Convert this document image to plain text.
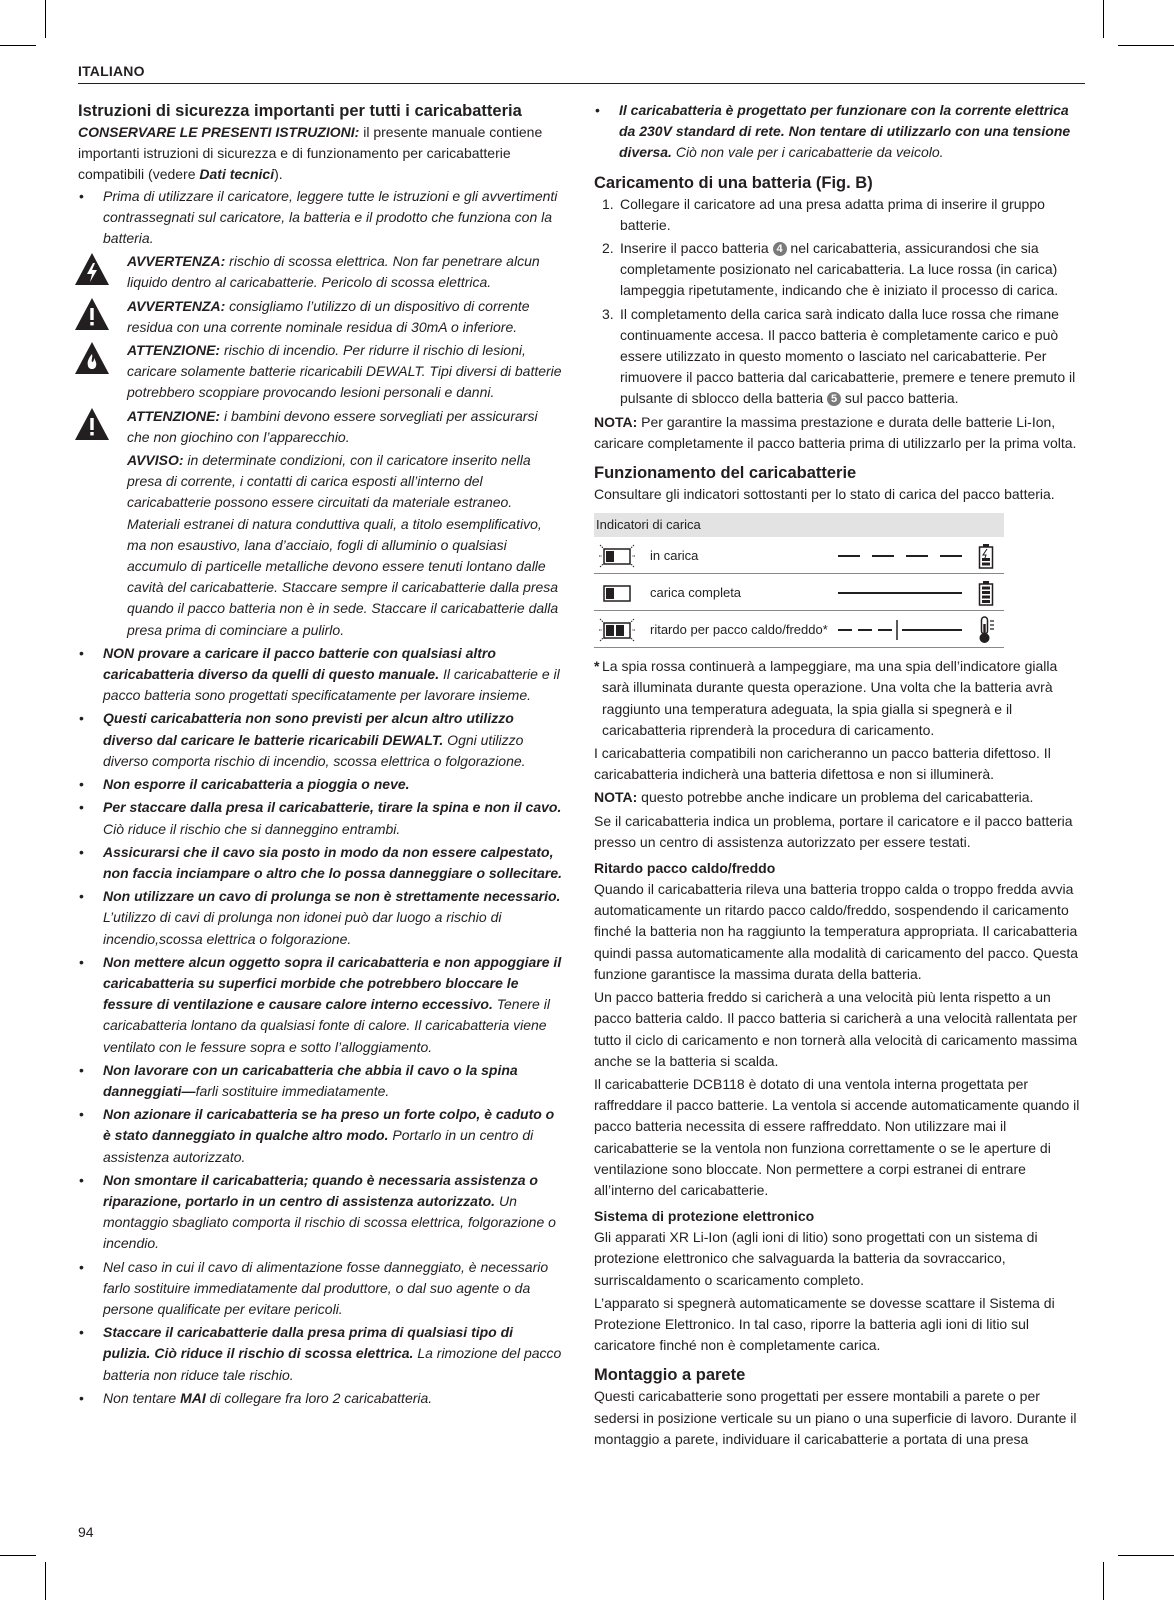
ITALIANO
Istruzioni di sicurezza importanti per tutti i caricabatteria
CONSERVARE LE PRESENTI ISTRUZIONI: il presente manuale contiene importanti istruzioni di sicurezza e di funzionamento per caricabatterie compatibili (vedere Dati tecnici).
• Prima di utilizzare il caricatore, leggere tutte le istruzioni e gli avvertimenti contrassegnati sul caricatore, la batteria e il prodotto che funziona con la batteria.
AVVERTENZA: rischio di scossa elettrica. Non far penetrare alcun liquido dentro al caricabatterie. Pericolo di scossa elettrica.
AVVERTENZA: consigliamo l’utilizzo di un dispositivo di corrente residua con una corrente nominale residua di 30mA o inferiore.
ATTENZIONE: rischio di incendio. Per ridurre il rischio di lesioni, caricare solamente batterie ricaricabili DEWALT. Tipi diversi di batterie potrebbero scoppiare provocando lesioni personali e danni.
ATTENZIONE: i bambini devono essere sorvegliati per assicurarsi che non giochino con l’apparecchio.
AVVISO: in determinate condizioni, con il caricatore inserito nella presa di corrente, i contatti di carica esposti all’interno del caricabatterie possono essere circuitati da materiale estraneo. Materiali estranei di natura conduttiva quali, a titolo esemplificativo, ma non esaustivo, lana d’acciaio, fogli di alluminio o qualsiasi accumulo di particelle metalliche devono essere tenuti lontano dalle cavità del caricabatterie. Staccare sempre il caricabatterie dalla presa quando il pacco batteria non è in sede. Staccare il caricabatterie dalla presa prima di cominciare a pulirlo.
• NON provare a caricare il pacco batterie con qualsiasi altro caricabatteria diverso da quelli di questo manuale. Il caricabatterie e il pacco batteria sono progettati specificatamente per lavorare insieme.
• Questi caricabatteria non sono previsti per alcun altro utilizzo diverso dal caricare le batterie ricaricabili DEWALT. Ogni utilizzo diverso comporta rischio di incendio, scossa elettrica o folgorazione.
• Non esporre il caricabatteria a pioggia o neve.
• Per staccare dalla presa il caricabatterie, tirare la spina e non il cavo. Ciò riduce il rischio che si danneggino entrambi.
• Assicurarsi che il cavo sia posto in modo da non essere calpestato, non faccia inciampare o altro che lo possa danneggiare o sollecitare.
• Non utilizzare un cavo di prolunga se non è strettamente necessario. L’utilizzo di cavi di prolunga non idonei può dar luogo a rischio di incendio,scossa elettrica o folgorazione.
• Non mettere alcun oggetto sopra il caricabatteria e non appoggiare il caricabatteria su superfici morbide che potrebbero bloccare le fessure di ventilazione e causare calore interno eccessivo. Tenere il caricabatteria lontano da qualsiasi fonte di calore. Il caricabatteria viene ventilato con le fessure sopra e sotto l’alloggiamento.
• Non lavorare con un caricabatteria che abbia il cavo o la spina danneggiati—farli sostituire immediatamente.
• Non azionare il caricabatteria se ha preso un forte colpo, è caduto o è stato danneggiato in qualche altro modo. Portarlo in un centro di assistenza autorizzato.
• Non smontare il caricabatteria; quando è necessaria assistenza o riparazione, portarlo in un centro di assistenza autorizzato. Un montaggio sbagliato comporta il rischio di scossa elettrica, folgorazione o incendio.
• Nel caso in cui il cavo di alimentazione fosse danneggiato, è necessario farlo sostituire immediatamente dal produttore, o dal suo agente o da persone qualificate per evitare pericoli.
• Staccare il caricabatterie dalla presa prima di qualsiasi tipo di pulizia. Ciò riduce il rischio di scossa elettrica. La rimozione del pacco batteria non riduce tale rischio.
• Non tentare MAI di collegare fra loro 2 caricabatteria.
• Il caricabatteria è progettato per funzionare con la corrente elettrica da 230V standard di rete. Non tentare di utilizzarlo con una tensione diversa. Ciò non vale per i caricabatterie da veicolo.
Caricamento di una batteria (Fig. B)
1. Collegare il caricatore ad una presa adatta prima di inserire il gruppo batterie.
2. Inserire il pacco batteria 4 nel caricabatteria, assicurandosi che sia completamente posizionato nel caricabatteria. La luce rossa (in carica) lampeggia ripetutamente, indicando che è iniziato il processo di carica.
3. Il completamento della carica sarà indicato dalla luce rossa che rimane continuamente accesa. Il pacco batteria è completamente carico e può essere utilizzato in questo momento o lasciato nel caricabatterie. Per rimuovere il pacco batteria dal caricabatterie, premere e tenere premuto il pulsante di sblocco della batteria 5 sul pacco batteria.
NOTA: Per garantire la massima prestazione e durata delle batterie Li-Ion, caricare completamente il pacco batteria prima di utilizzarlo per la prima volta.
Funzionamento del caricabatterie
Consultare gli indicatori sottostanti per lo stato di carica del pacco batteria.
Indicatori di carica
in carica
carica completa
ritardo per pacco caldo/freddo*
* La spia rossa continuerà a lampeggiare, ma una spia dell’indicatore gialla sarà illuminata durante questa operazione. Una volta che la batteria avrà raggiunto una temperatura adeguata, la spia gialla si spegnerà e il caricabatteria riprenderà la procedura di caricamento.
I caricabatteria compatibili non caricheranno un pacco batteria difettoso. Il caricabatteria indicherà una batteria difettosa e non si illuminerà.
NOTA: questo potrebbe anche indicare un problema del caricabatteria.
Se il caricabatteria indica un problema, portare il caricatore e il pacco batteria presso un centro di assistenza autorizzato per essere testati.
Ritardo pacco caldo/freddo
Quando il caricabatteria rileva una batteria troppo calda o troppo fredda avvia automaticamente un ritardo pacco caldo/freddo, sospendendo il caricamento finché la batteria non ha raggiunto la temperatura appropriata. Il caricabatteria quindi passa automaticamente alla modalità di caricamento del pacco. Questa funzione garantisce la massima durata della batteria.
Un pacco batteria freddo si caricherà a una velocità più lenta rispetto a un pacco batteria caldo. Il pacco batteria si caricherà a una velocità rallentata per tutto il ciclo di caricamento e non tornerà alla velocità di caricamento massima anche se la batteria si scalda.
Il caricabatterie DCB118 è dotato di una ventola interna progettata per raffreddare il pacco batterie. La ventola si accende automaticamente quando il pacco batteria necessita di essere raffreddato. Non utilizzare mai il caricabatterie se la ventola non funziona correttamente o se le aperture di ventilazione sono bloccate. Non permettere a corpi estranei di entrare all’interno del caricabatterie.
Sistema di protezione elettronico
Gli apparati XR Li-Ion (agli ioni di litio) sono progettati con un sistema di protezione elettronico che salvaguarda la batteria da sovraccarico, surriscaldamento o scaricamento completo.
L’apparato si spegnerà automaticamente se dovesse scattare il Sistema di Protezione Elettronico. In tal caso, riporre la batteria agli ioni di litio sul caricatore finché non è completamente carica.
Montaggio a parete
Questi caricabatterie sono progettati per essere montabili a parete o per sedersi in posizione verticale su un piano o una superficie di lavoro. Durante il montaggio a parete, individuare il caricabatterie a portata di una presa
94
